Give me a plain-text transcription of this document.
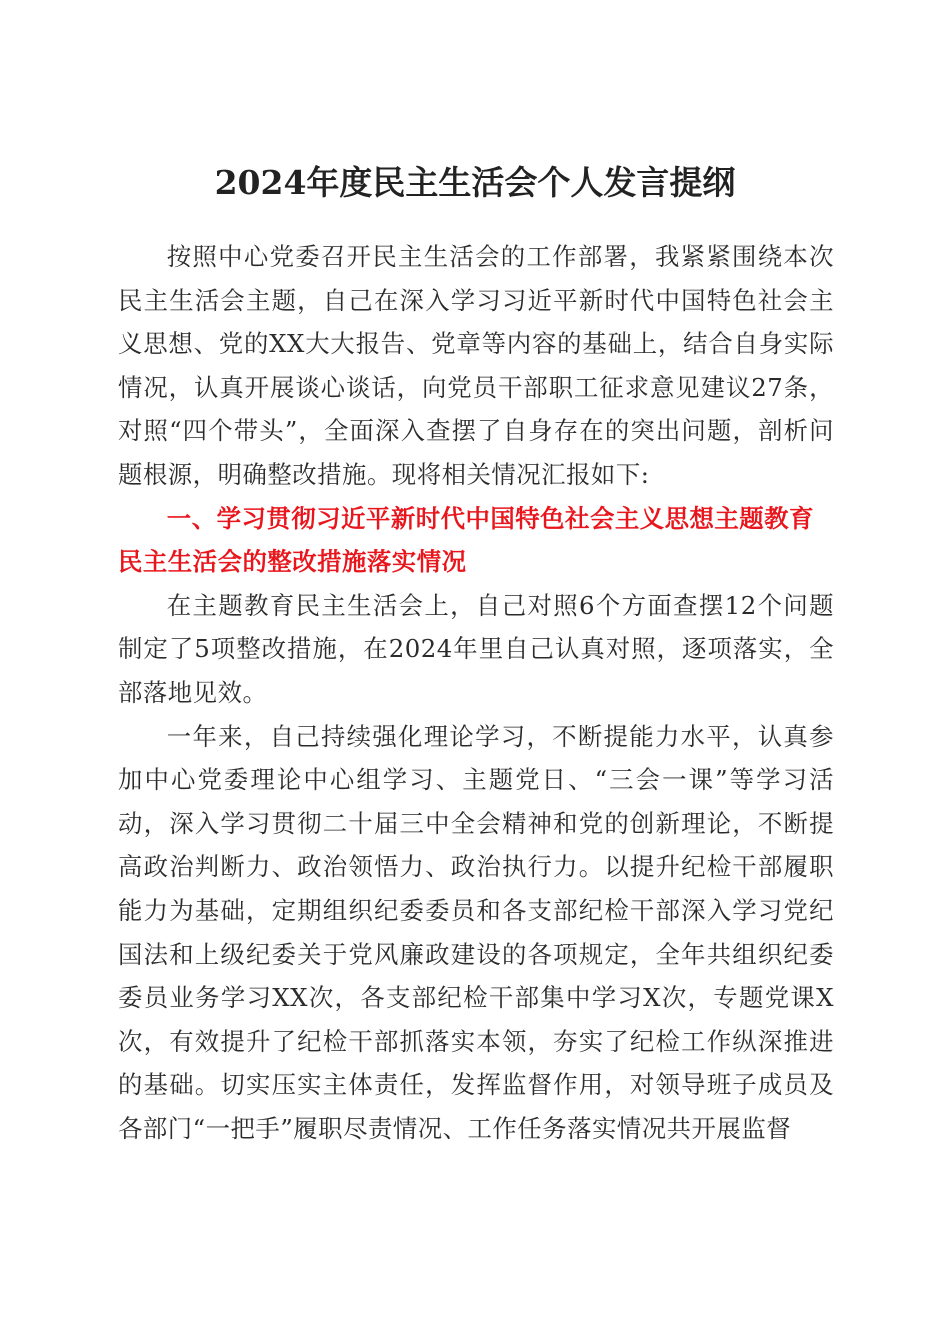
2024年度民主生活会个人发言提纲

按照中心党委召开民主生活会的工作部署，我紧紧围绕本次民主生活会主题，自己在深入学习习近平新时代中国特色社会主义思想、党的XX大大报告、党章等内容的基础上，结合自身实际情况，认真开展谈心谈话，向党员干部职工征求意见建议27条，对照“四个带头”，全面深入查摆了自身存在的突出问题，剖析问题根源，明确整改措施。现将相关情况汇报如下:

一、学习贯彻习近平新时代中国特色社会主义思想主题教育民主生活会的整改措施落实情况

在主题教育民主生活会上，自己对照6个方面查摆12个问题制定了5项整改措施，在2024年里自己认真对照，逐项落实，全部落地见效。

一年来，自己持续强化理论学习，不断提能力水平，认真参加中心党委理论中心组学习、主题党日、“三会一课”等学习活动，深入学习贯彻二十届三中全会精神和党的创新理论，不断提高政治判断力、政治领悟力、政治执行力。以提升纪检干部履职能力为基础，定期组织纪委委员和各支部纪检干部深入学习党纪国法和上级纪委关于党风廉政建设的各项规定，全年共组织纪委委员业务学习XX次，各支部纪检干部集中学习X次，专题党课X次，有效提升了纪检干部抓落实本领，夯实了纪检工作纵深推进的基础。切实压实主体责任，发挥监督作用，对领导班子成员及各部门“一把手”履职尽责情况、工作任务落实情况共开展监督
